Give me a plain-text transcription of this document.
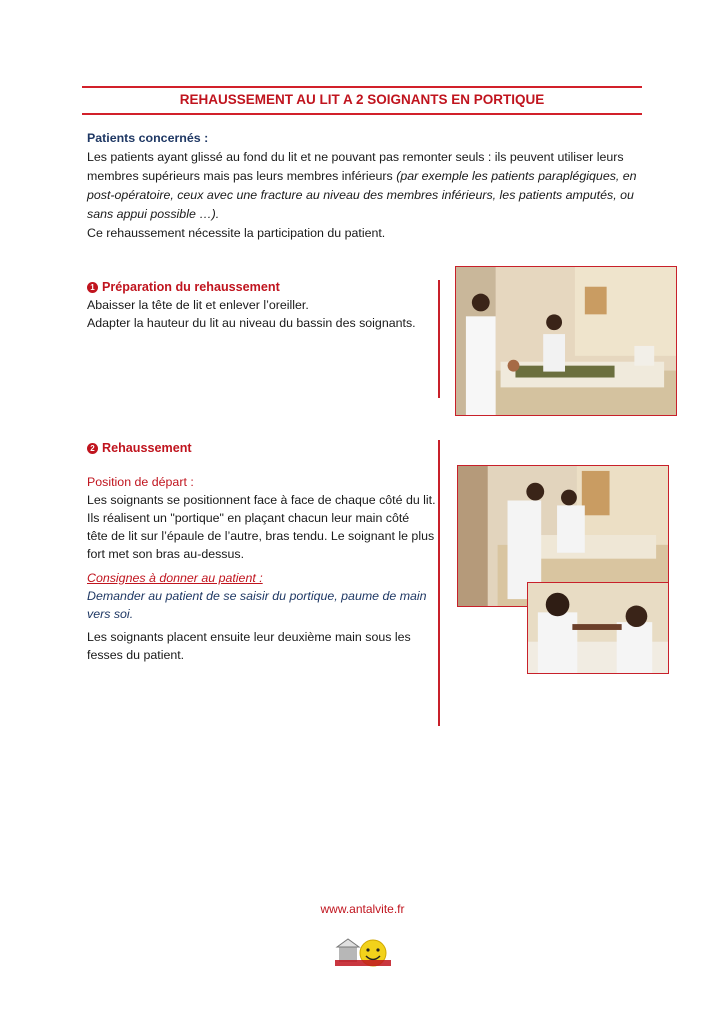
REHAUSSEMENT AU LIT A 2 SOIGNANTS EN PORTIQUE
Patients concernés :
Les patients ayant glissé au fond du lit et ne pouvant pas remonter seuls : ils peuvent utiliser leurs
membres supérieurs mais pas leurs membres inférieurs (par exemple les patients paraplégiques, en
post-opératoire, ceux avec une fracture au niveau des membres inférieurs, les patients amputés, ou
sans appui possible …).
Ce rehaussement nécessite la participation du patient.
1 Préparation du rehaussement
Abaisser la tête de lit et enlever l’oreiller.
Adapter la hauteur du lit au niveau du bassin des soignants.
2 Rehaussement
Position de départ :
Les soignants se positionnent face à face de chaque côté du lit.
Ils réalisent un "portique" en plaçant chacun leur main côté
tête de lit sur l’épaule de l’autre, bras tendu. Le soignant le plus
fort met son bras au-dessus.
Consignes à donner au patient :
Demander au patient de se saisir du portique, paume de main
vers soi.
Les soignants placent ensuite leur deuxième main sous les
fesses du patient.
www.antalvite.fr
